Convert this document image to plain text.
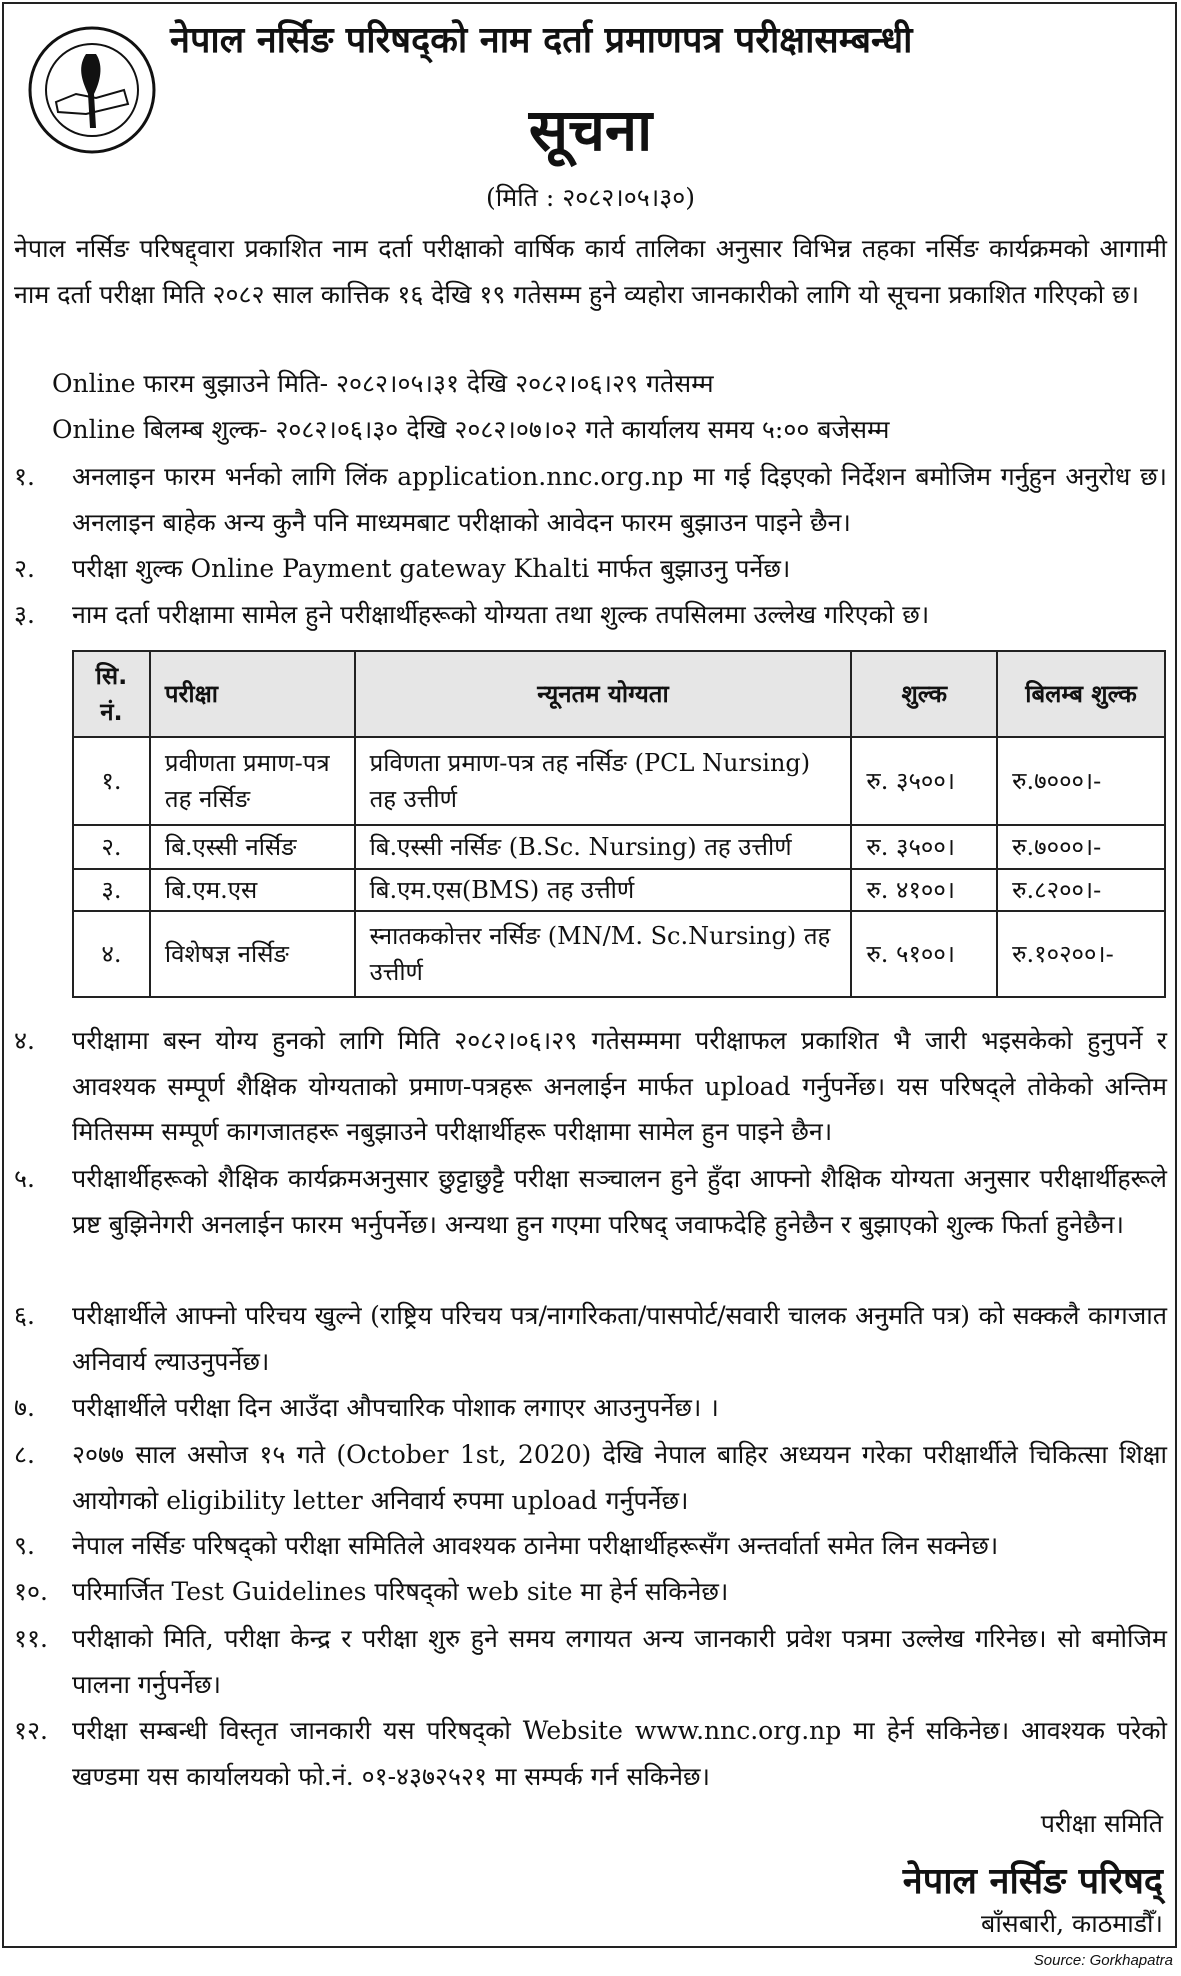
नेपाल नर्सिङ परिषद्को नाम दर्ता प्रमाणपत्र परीक्षासम्बन्धी
सूचना
(मिति : २०८२।०५।३०)
नेपाल नर्सिङ परिषद्द्वारा प्रकाशित नाम दर्ता परीक्षाको वार्षिक कार्य तालिका अनुसार विभिन्न तहका नर्सिङ कार्यक्रमको आगामी नाम दर्ता परीक्षा मिति २०८२ साल कात्तिक १६ देखि १९ गतेसम्म हुने व्यहोरा जानकारीको लागि यो सूचना प्रकाशित गरिएको छ।
Online फारम बुझाउने मिति- २०८२।०५।३१ देखि २०८२।०६।२९ गतेसम्म
Online बिलम्ब शुल्क- २०८२।०६।३० देखि २०८२।०७।०२ गते कार्यालय समय ५:०० बजेसम्म
१. अनलाइन फारम भर्नको लागि लिंक application.nnc.org.np मा गई दिइएको निर्देशन बमोजिम गर्नुहुन अनुरोध छ। अनलाइन बाहेक अन्य कुनै पनि माध्यमबाट परीक्षाको आवेदन फारम बुझाउन पाइने छैन।
२. परीक्षा शुल्क Online Payment gateway Khalti मार्फत बुझाउनु पर्नेछ।
३. नाम दर्ता परीक्षामा सामेल हुने परीक्षार्थीहरूको योग्यता तथा शुल्क तपसिलमा उल्लेख गरिएको छ।
सि. नं.	परीक्षा	न्यूनतम योग्यता	शुल्क	बिलम्ब शुल्क
१.	प्रवीणता प्रमाण-पत्र तह नर्सिङ	प्रविणता प्रमाण-पत्र तह नर्सिङ (PCL Nursing) तह उत्तीर्ण	रु. ३५००।	रु.७०००।-
२.	बि.एस्सी नर्सिङ	बि.एस्सी नर्सिङ (B.Sc. Nursing) तह उत्तीर्ण	रु. ३५००।	रु.७०००।-
३.	बि.एम.एस	बि.एम.एस(BMS) तह उत्तीर्ण	रु. ४१००।	रु.८२००।-
४.	विशेषज्ञ नर्सिङ	स्नातककोत्तर नर्सिङ (MN/M. Sc.Nursing) तह उत्तीर्ण	रु. ५१००।	रु.१०२००।-
४. परीक्षामा बस्न योग्य हुनको लागि मिति २०८२।०६।२९ गतेसम्ममा परीक्षाफल प्रकाशित भै जारी भइसकेको हुनुपर्ने र आवश्यक सम्पूर्ण शैक्षिक योग्यताको प्रमाण-पत्रहरू अनलाईन मार्फत upload गर्नुपर्नेछ। यस परिषद्ले तोकेको अन्तिम मितिसम्म सम्पूर्ण कागजातहरू नबुझाउने परीक्षार्थीहरू परीक्षामा सामेल हुन पाइने छैन।
५. परीक्षार्थीहरूको शैक्षिक कार्यक्रमअनुसार छुट्टाछुट्टै परीक्षा सञ्चालन हुने हुँदा आफ्नो शैक्षिक योग्यता अनुसार परीक्षार्थीहरूले प्रष्ट बुझिनेगरी अनलाईन फारम भर्नुपर्नेछ। अन्यथा हुन गएमा परिषद् जवाफदेहि हुनेछैन र बुझाएको शुल्क फिर्ता हुनेछैन।
६. परीक्षार्थीले आफ्नो परिचय खुल्ने (राष्ट्रिय परिचय पत्र/नागरिकता/पासपोर्ट/सवारी चालक अनुमति पत्र) को सक्कलै कागजात अनिवार्य ल्याउनुपर्नेछ।
७. परीक्षार्थीले परीक्षा दिन आउँदा औपचारिक पोशाक लगाएर आउनुपर्नेछ। ।
८. २०७७ साल असोज १५ गते (October 1st, 2020) देखि नेपाल बाहिर अध्ययन गरेका परीक्षार्थीले चिकित्सा शिक्षा आयोगको eligibility letter अनिवार्य रुपमा upload गर्नुपर्नेछ।
९. नेपाल नर्सिङ परिषद्को परीक्षा समितिले आवश्यक ठानेमा परीक्षार्थीहरूसँग अन्तर्वार्ता समेत लिन सक्नेछ।
१०. परिमार्जित Test Guidelines परिषद्को web site मा हेर्न सकिनेछ।
११. परीक्षाको मिति, परीक्षा केन्द्र र परीक्षा शुरु हुने समय लगायत अन्य जानकारी प्रवेश पत्रमा उल्लेख गरिनेछ। सो बमोजिम पालना गर्नुपर्नेछ।
१२. परीक्षा सम्बन्धी विस्तृत जानकारी यस परिषद्को Website www.nnc.org.np मा हेर्न सकिनेछ। आवश्यक परेको खण्डमा यस कार्यालयको फो.नं. ०१-४३७२५२१ मा सम्पर्क गर्न सकिनेछ।
परीक्षा समिति
नेपाल नर्सिङ परिषद्
बाँसबारी, काठमाडौँ।
Source: Gorkhapatra
